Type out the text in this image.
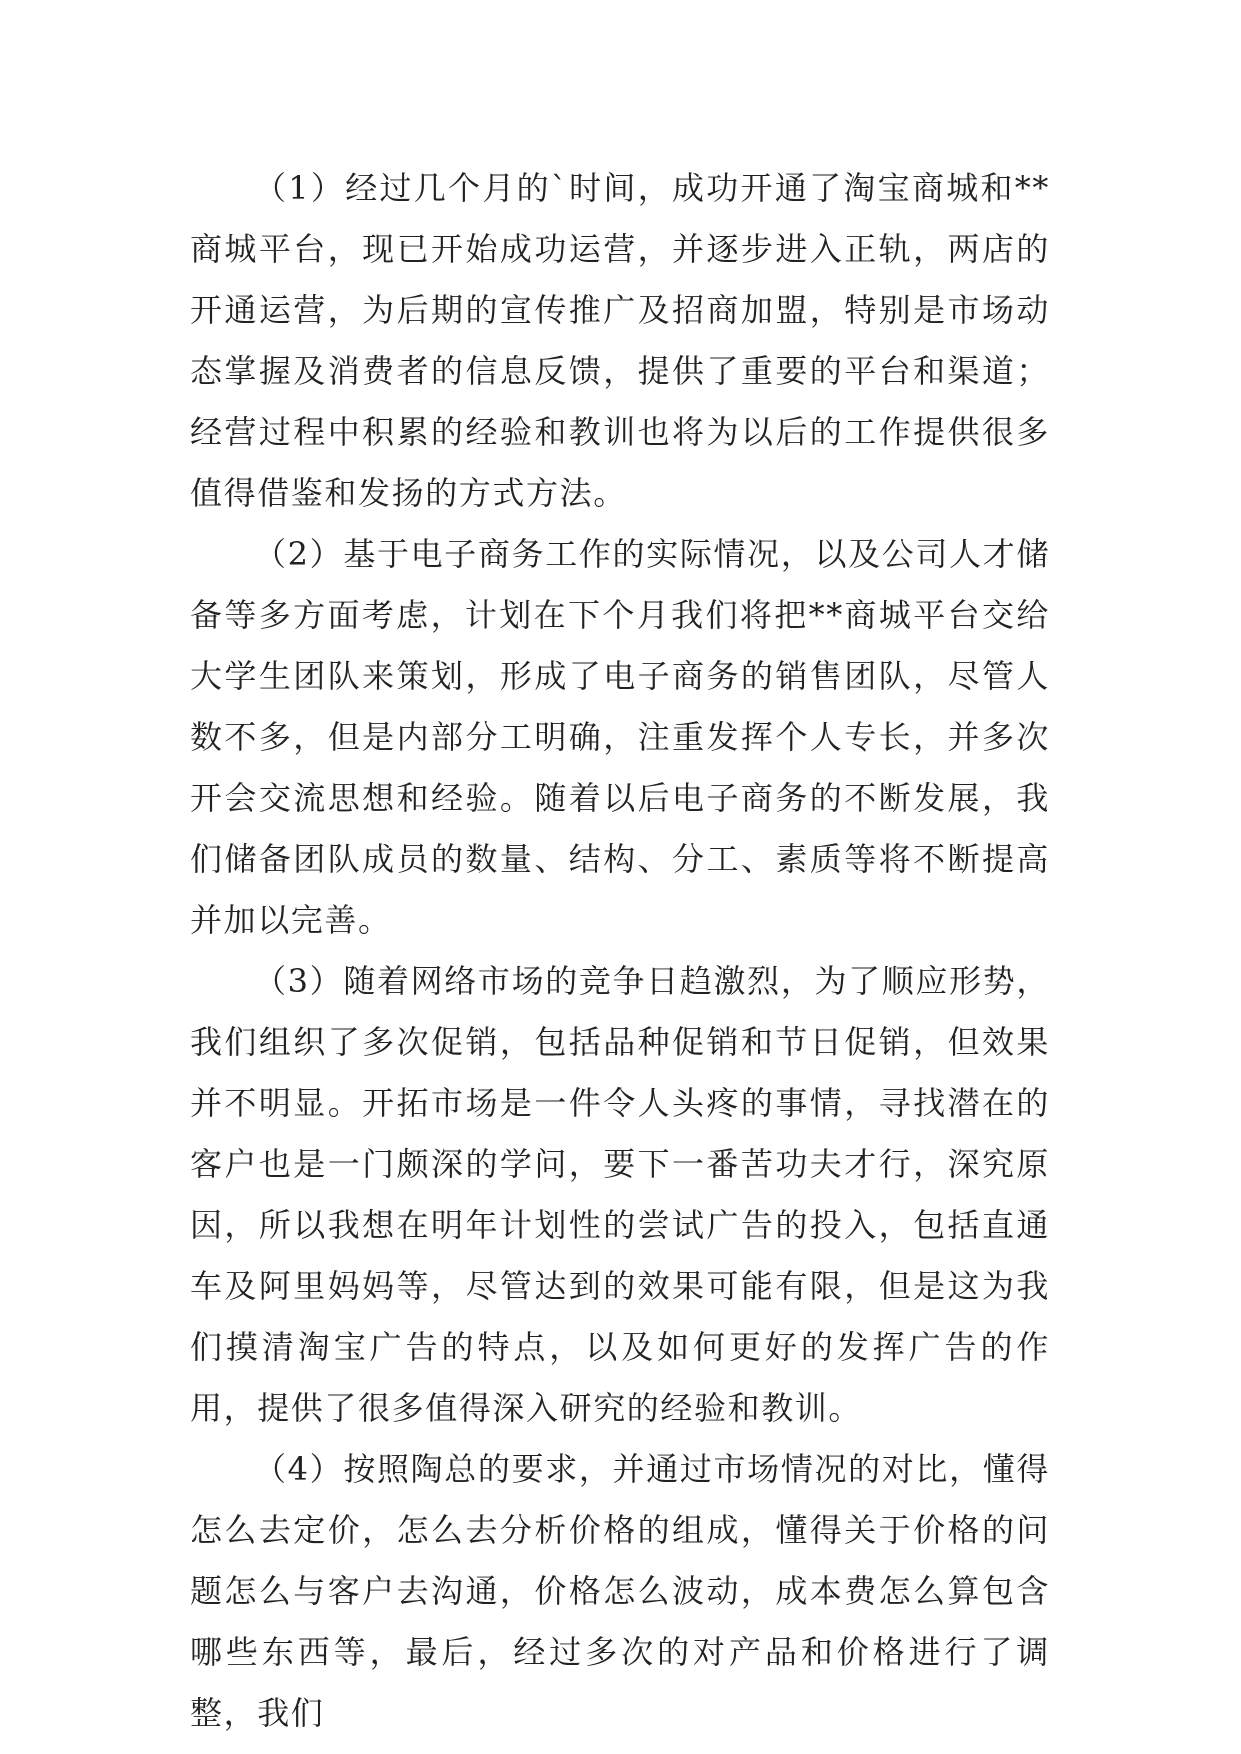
（1）经过几个月的`时间，成功开通了淘宝商城和**商城平台，现已开始成功运营，并逐步进入正轨，两店的开通运营，为后期的宣传推广及招商加盟，特别是市场动态掌握及消费者的信息反馈，提供了重要的平台和渠道；经营过程中积累的经验和教训也将为以后的工作提供很多值得借鉴和发扬的方式方法。

（2）基于电子商务工作的实际情况，以及公司人才储备等多方面考虑，计划在下个月我们将把**商城平台交给大学生团队来策划，形成了电子商务的销售团队，尽管人数不多，但是内部分工明确，注重发挥个人专长，并多次开会交流思想和经验。随着以后电子商务的不断发展，我们储备团队成员的数量、结构、分工、素质等将不断提高并加以完善。

（3）随着网络市场的竞争日趋激烈，为了顺应形势，我们组织了多次促销，包括品种促销和节日促销，但效果并不明显。开拓市场是一件令人头疼的事情，寻找潜在的客户也是一门颇深的学问，要下一番苦功夫才行，深究原因，所以我想在明年计划性的尝试广告的投入，包括直通车及阿里妈妈等，尽管达到的效果可能有限，但是这为我们摸清淘宝广告的特点，以及如何更好的发挥广告的作用，提供了很多值得深入研究的经验和教训。

（4）按照陶总的要求，并通过市场情况的对比，懂得怎么去定价，怎么去分析价格的组成，懂得关于价格的问题怎么与客户去沟通，价格怎么波动，成本费怎么算包含哪些东西等，最后，经过多次的对产品和价格进行了调整，我们
